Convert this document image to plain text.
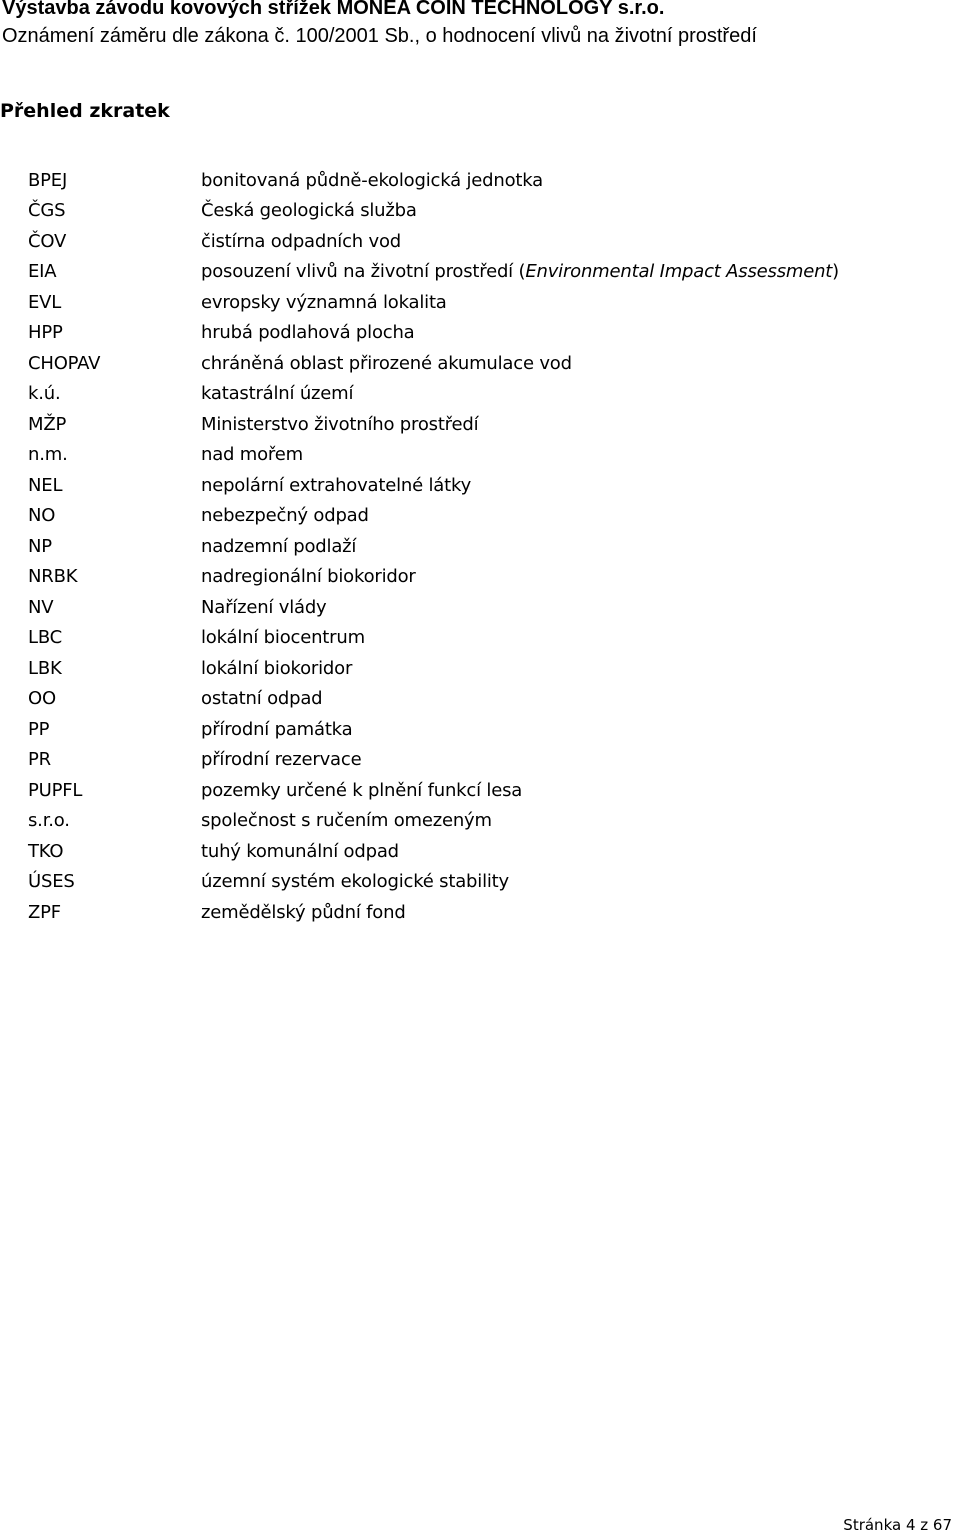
Výstavba závodu kovových střížek MONEA COIN TECHNOLOGY s.r.o.
Oznámení záměru dle zákona č. 100/2001 Sb., o hodnocení vlivů na životní prostředí
Přehled zkratek
BPEJ	bonitovaná půdně-ekologická jednotka
ČGS	Česká geologická služba
ČOV	čistírna odpadních vod
EIA	posouzení vlivů na životní prostředí (Environmental Impact Assessment)
EVL	evropsky významná lokalita
HPP	hrubá podlahová plocha
CHOPAV	chráněná oblast přirozené akumulace vod
k.ú.	katastrální území
MŽP	Ministerstvo životního prostředí
n.m.	nad mořem
NEL	nepolární extrahovatelné látky
NO	nebezpečný odpad
NP	nadzemní podlaží
NRBK	nadregionální biokoridor
NV	Nařízení vlády
LBC	lokální biocentrum
LBK	lokální biokoridor
OO	ostatní odpad
PP	přírodní památka
PR	přírodní rezervace
PUPFL	pozemky určené k plnění funkcí lesa
s.r.o.	společnost s ručením omezeným
TKO	tuhý komunální odpad
ÚSES	územní systém ekologické stability
ZPF	zemědělský půdní fond
Stránka 4 z 67
